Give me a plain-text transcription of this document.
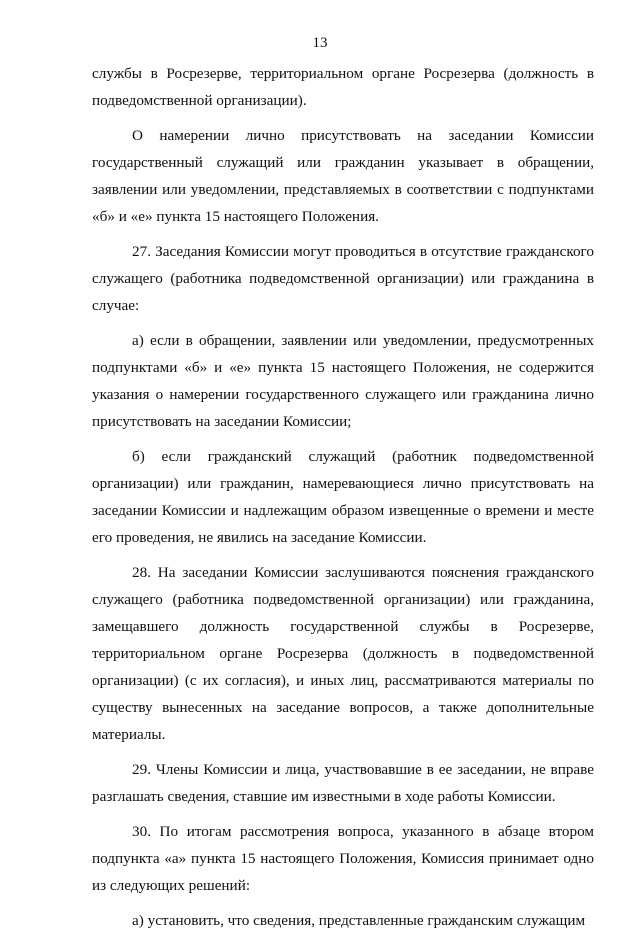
13

службы в Росрезерве, территориальном органе Росрезерва (должность в подведомственной организации).

О намерении лично присутствовать на заседании Комиссии государственный служащий или гражданин указывает в обращении, заявлении или уведомлении, представляемых в соответствии с подпунктами «б» и «е» пункта 15 настоящего Положения.

27. Заседания Комиссии могут проводиться в отсутствие гражданского служащего (работника подведомственной организации) или гражданина в случае:

а) если в обращении, заявлении или уведомлении, предусмотренных подпунктами «б» и «е» пункта 15 настоящего Положения, не содержится указания о намерении государственного служащего или гражданина лично присутствовать на заседании Комиссии;

б) если гражданский служащий (работник подведомственной организации) или гражданин, намеревающиеся лично присутствовать на заседании Комиссии и надлежащим образом извещенные о времени и месте его проведения, не явились на заседание Комиссии.

28. На заседании Комиссии заслушиваются пояснения гражданского служащего (работника подведомственной организации) или гражданина, замещавшего должность государственной службы в Росрезерве, территориальном органе Росрезерва (должность в подведомственной организации) (с их согласия), и иных лиц, рассматриваются материалы по существу вынесенных на заседание вопросов, а также дополнительные материалы.

29. Члены Комиссии и лица, участвовавшие в ее заседании, не вправе разглашать сведения, ставшие им известными в ходе работы Комиссии.

30. По итогам рассмотрения вопроса, указанного в абзаце втором подпункта «а» пункта 15 настоящего Положения, Комиссия принимает одно из следующих решений:

а) установить, что сведения, представленные гражданским служащим
